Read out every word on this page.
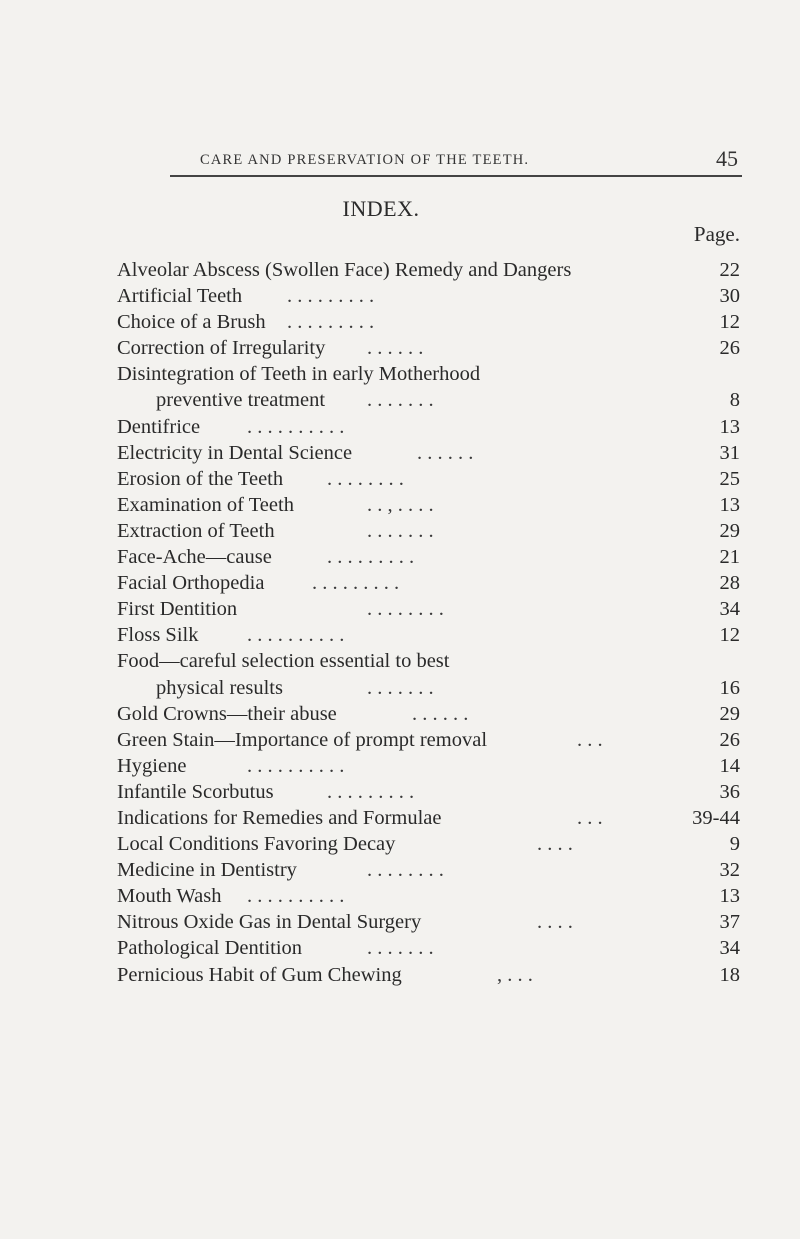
CARE AND PRESERVATION OF THE TEETH.	45
INDEX.
Page.
Alveolar Abscess (Swollen Face) Remedy and Dangers	22
Artificial Teeth . . . . . . . . .	30
Choice of a Brush . . . . . . . . .	12
Correction of Irregularity . . . . . .	26
Disintegration of Teeth in early Motherhood
preventive treatment . . . . . . .	8
Dentifrice . . . . . . . . . .	13
Electricity in Dental Science	. . . . . .	31
Erosion of the Teeth . . . . . . . .	25
Examination of Teeth	. . , . . . .	13
Extraction of Teeth	. . . . . . .	29
Face-Ache—cause	. . . . . . . . .	21
Facial Orthopedia . . . . . . . . .	28
First Dentition	. . . . . . . .	34
Floss Silk . . . . . . . . . .	12
Food—careful selection essential to best
physical results	. . . . . . .	16
Gold Crowns—their abuse	. . . . . .	29
Green Stain—Importance of prompt removal	. . .	26
Hygiene	. . . . . . . . . .	14
Infantile Scorbutus	. . . . . . . . .	36
Indications for Remedies and Formulae	. . .	39-44
Local Conditions Favoring Decay	. . . .	9
Medicine in Dentistry	. . . . . . . .	32
Mouth Wash . . . . . . . . . .	13
Nitrous Oxide Gas in Dental Surgery	. . . .	37
Pathological Dentition	. . . . . . .	34
Pernicious Habit of Gum Chewing	, . . .	18
